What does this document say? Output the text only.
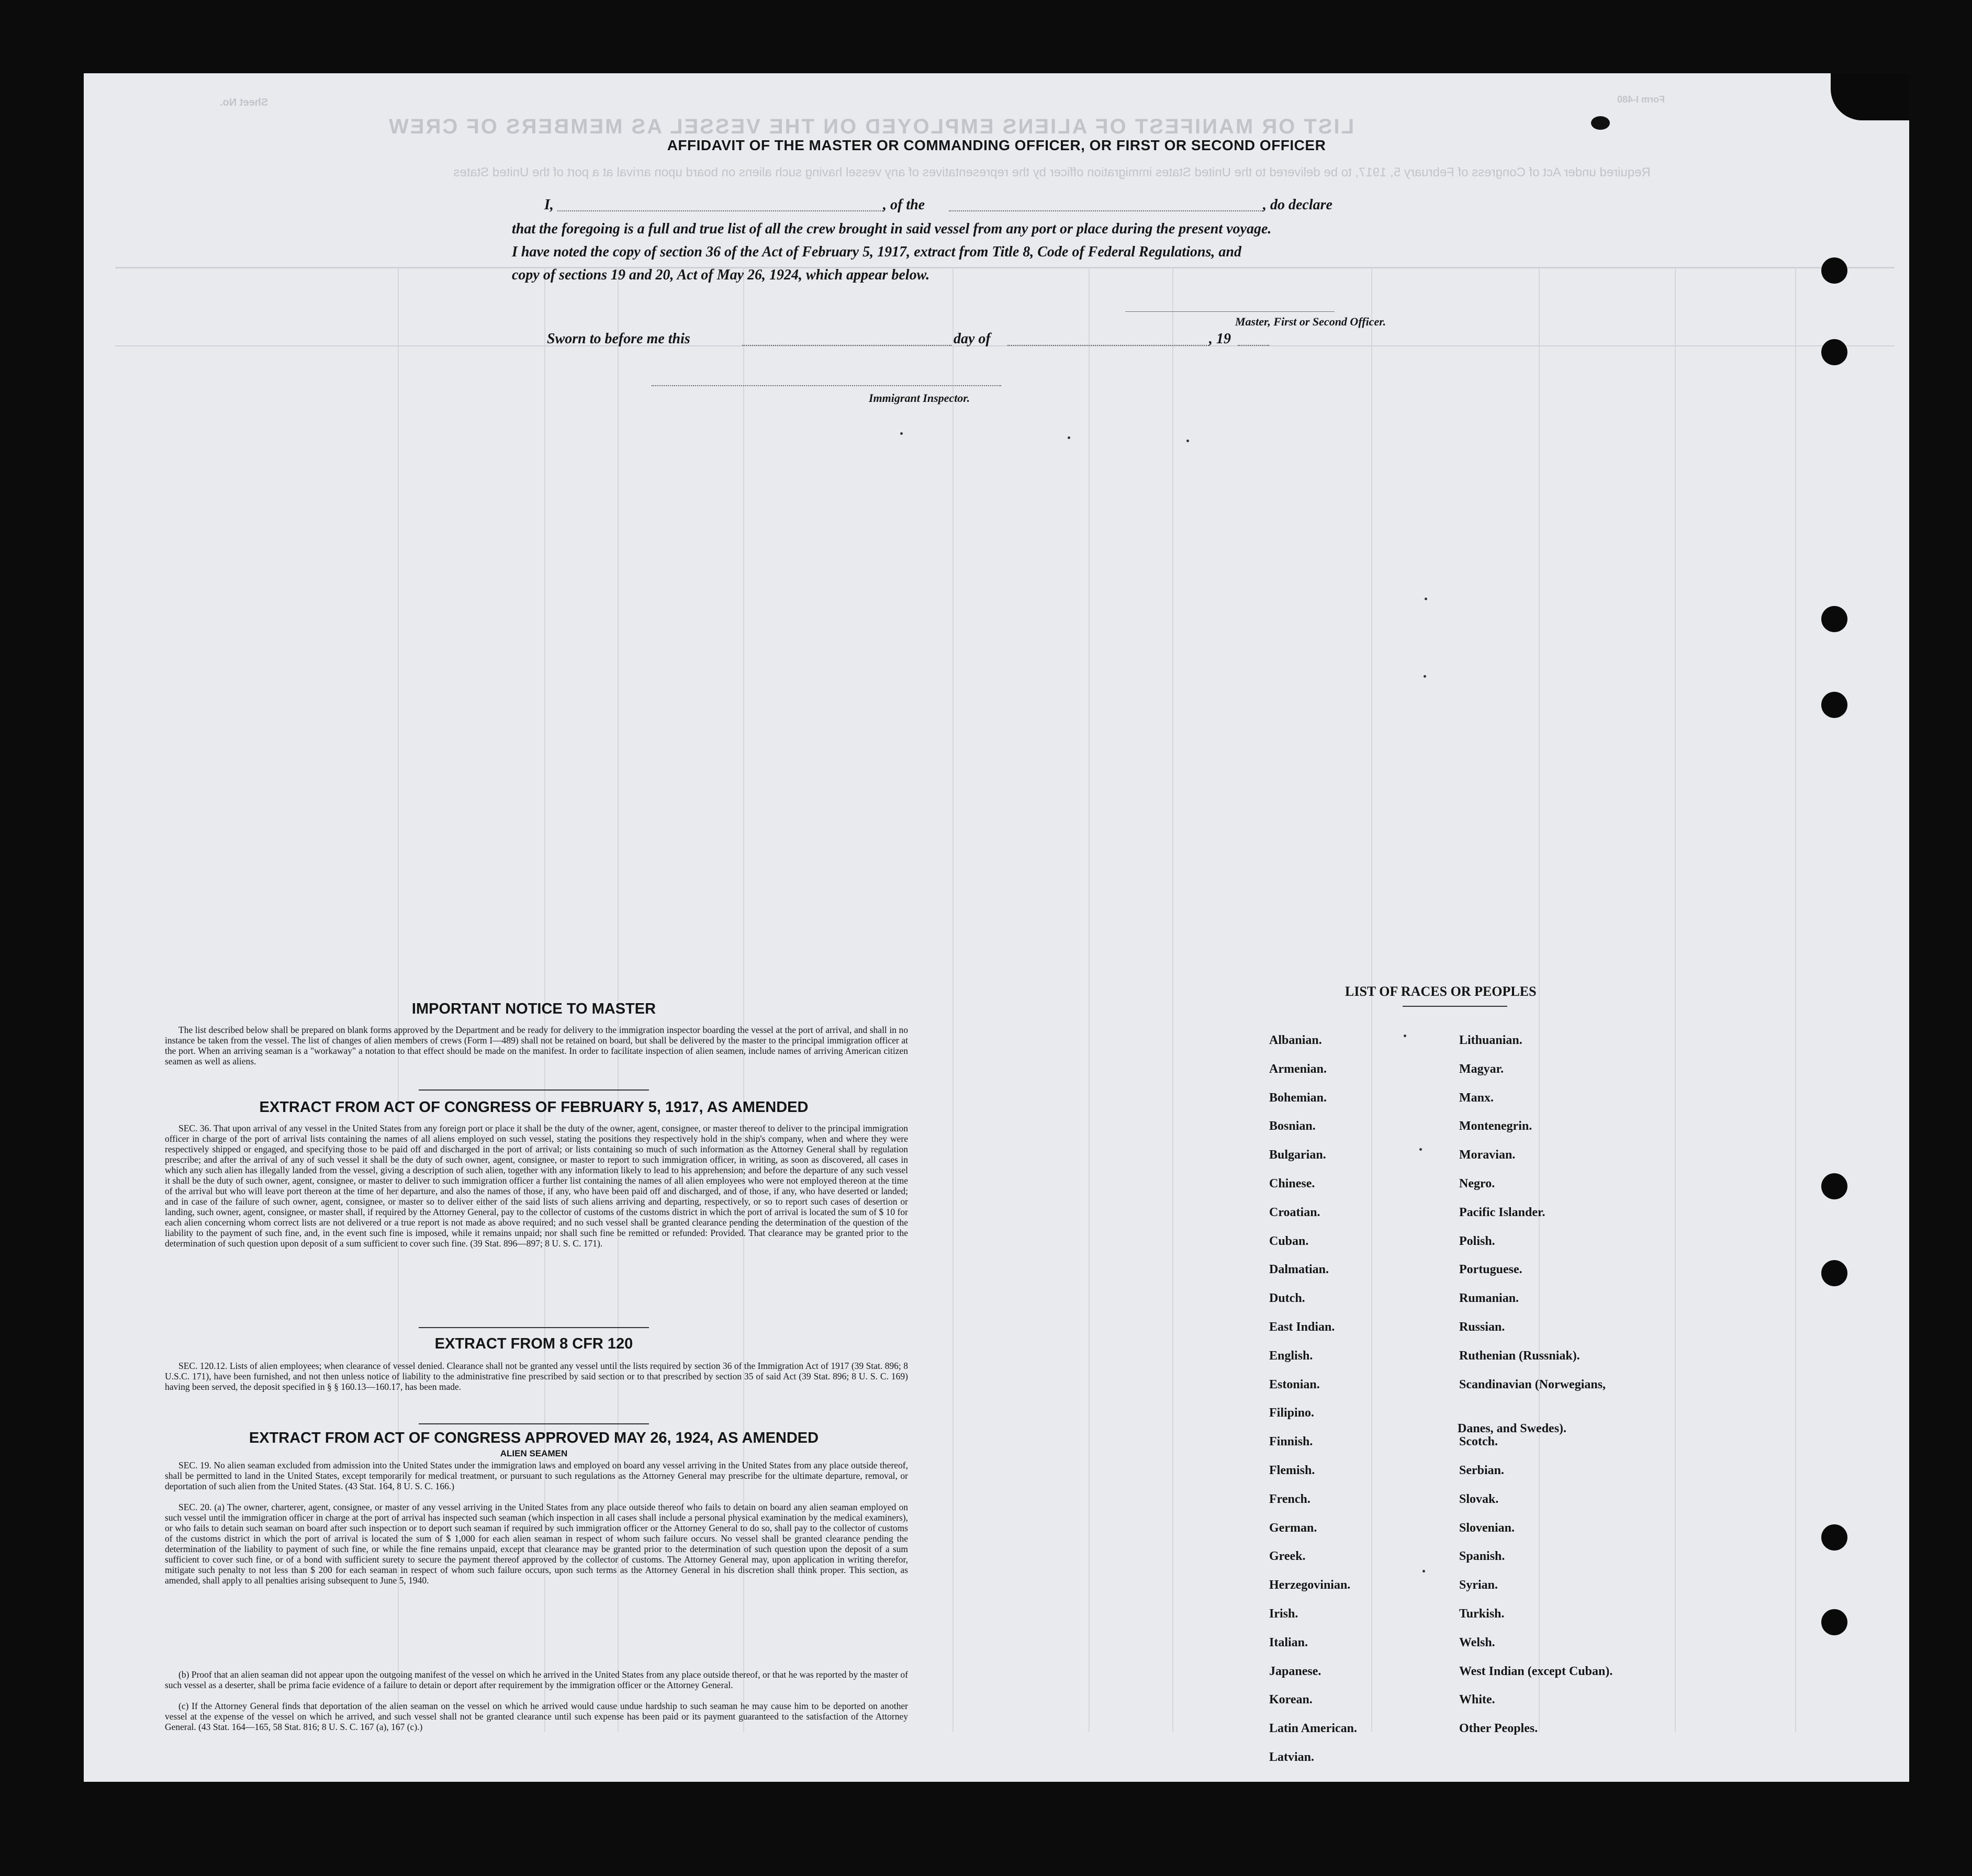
LIST OR MANIFEST OF ALIENS EMPLOYED ON THE VESSEL AS MEMBERS OF CREW
Required under Act of Congress of February 5, 1917, to be delivered to the United States immigration officer by the representatives of any vessel having such aliens on board upon arrival at a port of the United States
Sheet No.	Form I-480
AFFIDAVIT OF THE MASTER OR COMMANDING OFFICER, OR FIRST OR SECOND OFFICER
I,	, of the	, do declare
that the foregoing is a full and true list of all the crew brought in said vessel from any port or place during the present voyage.
I have noted the copy of section 36 of the Act of February 5, 1917, extract from Title 8, Code of Federal Regulations, and
copy of sections 19 and 20, Act of May 26, 1924, which appear below.
Master, First or Second Officer.
Sworn to before me this	day of	, 19
Immigrant Inspector.
IMPORTANT NOTICE TO MASTER
The list described below shall be prepared on blank forms approved by the Department and be ready for delivery to the immigration inspector boarding the vessel at the port of arrival, and shall in no instance be taken from the vessel. The list of changes of alien members of crews (Form I—489) shall not be retained on board, but shall be delivered by the master to the principal immigration officer at the port. When an arriving seaman is a "workaway" a notation to that effect should be made on the manifest. In order to facilitate inspection of alien seamen, include names of arriving American citizen seamen as well as aliens.
EXTRACT FROM ACT OF CONGRESS OF FEBRUARY 5, 1917, AS AMENDED
SEC. 36. That upon arrival of any vessel in the United States from any foreign port or place it shall be the duty of the owner, agent, consignee, or master thereof to deliver to the principal immigration officer in charge of the port of arrival lists containing the names of all aliens employed on such vessel, stating the positions they respectively hold in the ship's company, when and where they were respectively shipped or engaged, and specifying those to be paid off and discharged in the port of arrival; or lists containing so much of such information as the Attorney General shall by regulation prescribe; and after the arrival of any of such vessel it shall be the duty of such owner, agent, consignee, or master to report to such immigration officer, in writing, as soon as discovered, all cases in which any such alien has illegally landed from the vessel, giving a description of such alien, together with any information likely to lead to his apprehension; and before the departure of any such vessel it shall be the duty of such owner, agent, consignee, or master to deliver to such immigration officer a further list containing the names of all alien employees who were not employed thereon at the time of the arrival but who will leave port thereon at the time of her departure, and also the names of those, if any, who have been paid off and discharged, and of those, if any, who have deserted or landed; and in case of the failure of such owner, agent, consignee, or master so to deliver either of the said lists of such aliens arriving and departing, respectively, or so to report such cases of desertion or landing, such owner, agent, consignee, or master shall, if required by the Attorney General, pay to the collector of customs of the customs district in which the port of arrival is located the sum of $ 10 for each alien concerning whom correct lists are not delivered or a true report is not made as above required; and no such vessel shall be granted clearance pending the determination of the question of the liability to the payment of such fine, and, in the event such fine is imposed, while it remains unpaid; nor shall such fine be remitted or refunded: Provided. That clearance may be granted prior to the determination of such question upon deposit of a sum sufficient to cover such fine. (39 Stat. 896—897; 8 U. S. C. 171).
EXTRACT FROM 8 CFR 120
SEC. 120.12. Lists of alien employees; when clearance of vessel denied. Clearance shall not be granted any vessel until the lists required by section 36 of the Immigration Act of 1917 (39 Stat. 896; 8 U.S.C. 171), have been furnished, and not then unless notice of liability to the administrative fine prescribed by said section or to that prescribed by section 35 of said Act (39 Stat. 896; 8 U. S. C. 169) having been served, the deposit specified in § § 160.13—160.17, has been made.
EXTRACT FROM ACT OF CONGRESS APPROVED MAY 26, 1924, AS AMENDED
ALIEN SEAMEN
SEC. 19. No alien seaman excluded from admission into the United States under the immigration laws and employed on board any vessel arriving in the United States from any place outside thereof, shall be permitted to land in the United States, except temporarily for medical treatment, or pursuant to such regulations as the Attorney General may prescribe for the ultimate departure, removal, or deportation of such alien from the United States. (43 Stat. 164, 8 U. S. C. 166.)
SEC. 20. (a) The owner, charterer, agent, consignee, or master of any vessel arriving in the United States from any place outside thereof who fails to detain on board any alien seaman employed on such vessel until the immigration officer in charge at the port of arrival has inspected such seaman (which inspection in all cases shall include a personal physical examination by the medical examiners), or who fails to detain such seaman on board after such inspection or to deport such seaman if required by such immigration officer or the Attorney General to do so, shall pay to the collector of customs of the customs district in which the port of arrival is located the sum of $ 1,000 for each alien seaman in respect of whom such failure occurs. No vessel shall be granted clearance pending the determination of the liability to payment of such fine, or while the fine remains unpaid, except that clearance may be granted prior to the determination of such question upon the deposit of a sum sufficient to cover such fine, or of a bond with sufficient surety to secure the payment thereof approved by the collector of customs. The Attorney General may, upon application in writing therefor, mitigate such penalty to not less than $ 200 for each seaman in respect of whom such failure occurs, upon such terms as the Attorney General in his discretion shall think proper. This section, as amended, shall apply to all penalties arising subsequent to June 5, 1940.
(b) Proof that an alien seaman did not appear upon the outgoing manifest of the vessel on which he arrived in the United States from any place outside thereof, or that he was reported by the master of such vessel as a deserter, shall be prima facie evidence of a failure to detain or deport after requirement by the immigration officer or the Attorney General.
(c) If the Attorney General finds that deportation of the alien seaman on the vessel on which he arrived would cause undue hardship to such seaman he may cause him to be deported on another vessel at the expense of the vessel on which he arrived, and such vessel shall not be granted clearance until such expense has been paid or its payment guaranteed to the satisfaction of the Attorney General. (43 Stat. 164—165, 58 Stat. 816; 8 U. S. C. 167 (a), 167 (c).)
LIST OF RACES OR PEOPLES
Albanian.
Armenian.
Bohemian.
Bosnian.
Bulgarian.
Chinese.
Croatian.
Cuban.
Dalmatian.
Dutch.
East Indian.
English.
Estonian.
Filipino.
Finnish.
Flemish.
French.
German.
Greek.
Herzegovinian.
Irish.
Italian.
Japanese.
Korean.
Latin American.
Latvian.
Lithuanian.
Magyar.
Manx.
Montenegrin.
Moravian.
Negro.
Pacific Islander.
Polish.
Portuguese.
Rumanian.
Russian.
Ruthenian (Russniak).
Scandinavian (Norwegians,
Danes, and Swedes).
Scotch.
Serbian.
Slovak.
Slovenian.
Spanish.
Syrian.
Turkish.
Welsh.
West Indian (except Cuban).
White.
Other Peoples.
